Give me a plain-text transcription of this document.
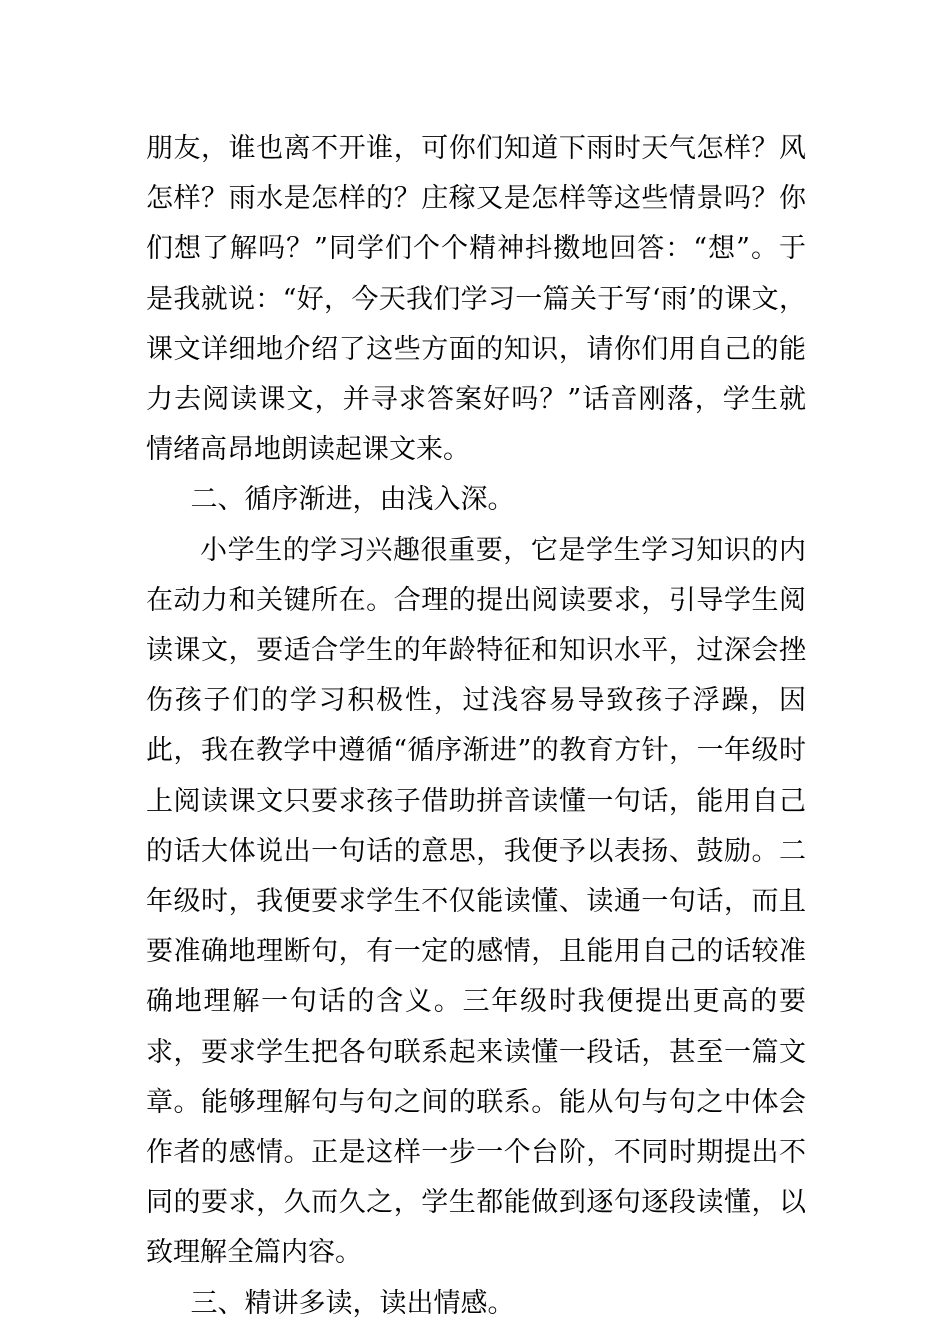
朋友，谁也离不开谁，可你们知道下雨时天气怎样？风怎样？雨水是怎样的？庄稼又是怎样等这些情景吗？你们想了解吗？”同学们个个精神抖擞地回答：“想”。于是我就说：“好，今天我们学习一篇关于写‘雨’的课文，课文详细地介绍了这些方面的知识，请你们用自己的能力去阅读课文，并寻求答案好吗？”话音刚落，学生就情绪高昂地朗读起课文来。

二、循序渐进，由浅入深。

小学生的学习兴趣很重要，它是学生学习知识的内在动力和关键所在。合理的提出阅读要求，引导学生阅读课文，要适合学生的年龄特征和知识水平，过深会挫伤孩子们的学习积极性，过浅容易导致孩子浮躁，因此，我在教学中遵循“循序渐进”的教育方针，一年级时上阅读课文只要求孩子借助拼音读懂一句话，能用自己的话大体说出一句话的意思，我便予以表扬、鼓励。二年级时，我便要求学生不仅能读懂、读通一句话，而且要准确地理断句，有一定的感情，且能用自己的话较准确地理解一句话的含义。三年级时我便提出更高的要求，要求学生把各句联系起来读懂一段话，甚至一篇文章。能够理解句与句之间的联系。能从句与句之中体会作者的感情。正是这样一步一个台阶，不同时期提出不同的要求，久而久之，学生都能做到逐句逐段读懂，以致理解全篇内容。

三、精讲多读，读出情感。
